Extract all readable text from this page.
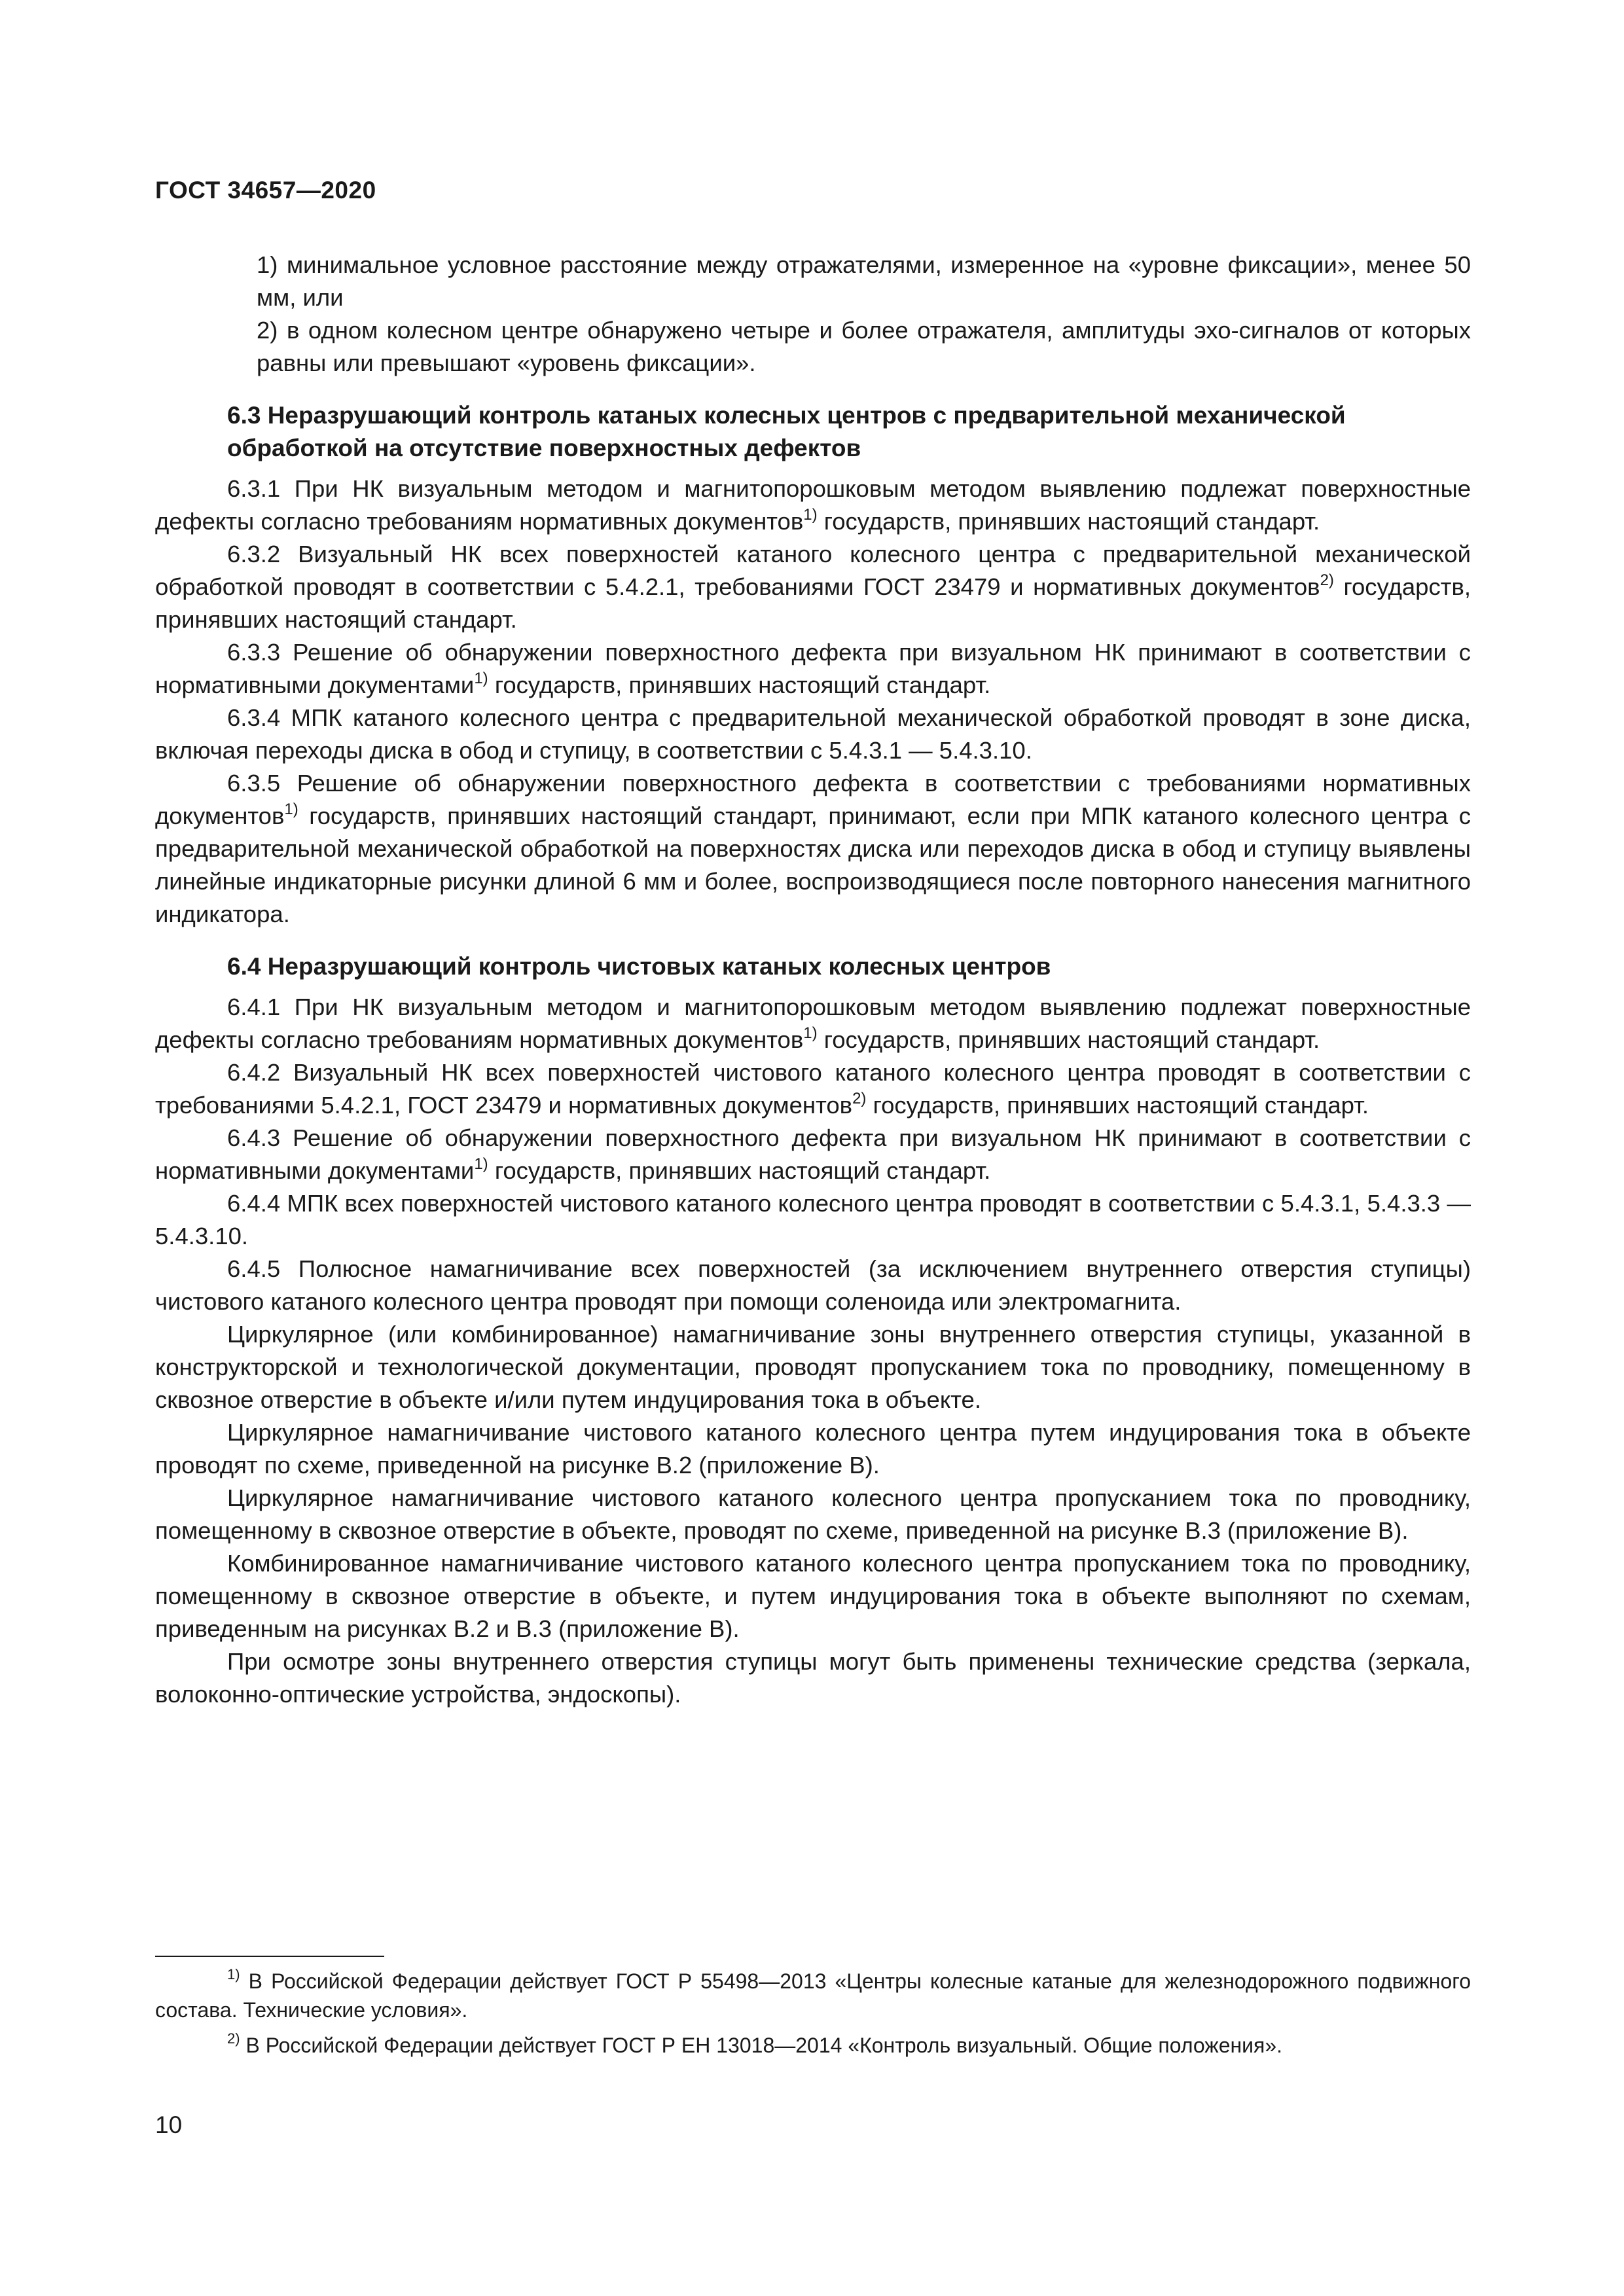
ГОСТ 34657—2020

1) минимальное условное расстояние между отражателями, измеренное на «уровне фиксации», менее 50 мм, или

2) в одном колесном центре обнаружено четыре и более отражателя, амплитуды эхо-сигналов от которых равны или превышают «уровень фиксации».

6.3 Неразрушающий контроль катаных колесных центров с предварительной механической обработкой на отсутствие поверхностных дефектов

6.3.1 При НК визуальным методом и магнитопорошковым методом выявлению подлежат поверхностные дефекты согласно требованиям нормативных документов$^{1)}$ государств, принявших настоящий стандарт.

6.3.2 Визуальный НК всех поверхностей катаного колесного центра с предварительной механической обработкой проводят в соответствии с 5.4.2.1, требованиями ГОСТ 23479 и нормативных документов$^{2)}$ государств, принявших настоящий стандарт.

6.3.3 Решение об обнаружении поверхностного дефекта при визуальном НК принимают в соответствии с нормативными документами$^{1)}$ государств, принявших настоящий стандарт.

6.3.4 МПК катаного колесного центра с предварительной механической обработкой проводят в зоне диска, включая переходы диска в обод и ступицу, в соответствии с 5.4.3.1 — 5.4.3.10.

6.3.5 Решение об обнаружении поверхностного дефекта в соответствии с требованиями нормативных документов$^{1)}$ государств, принявших настоящий стандарт, принимают, если при МПК катаного колесного центра с предварительной механической обработкой на поверхностях диска или переходов диска в обод и ступицу выявлены линейные индикаторные рисунки длиной 6 мм и более, воспроизводящиеся после повторного нанесения магнитного индикатора.

6.4 Неразрушающий контроль чистовых катаных колесных центров

6.4.1 При НК визуальным методом и магнитопорошковым методом выявлению подлежат поверхностные дефекты согласно требованиям нормативных документов$^{1)}$ государств, принявших настоящий стандарт.

6.4.2 Визуальный НК всех поверхностей чистового катаного колесного центра проводят в соответствии с требованиями 5.4.2.1, ГОСТ 23479 и нормативных документов$^{2)}$ государств, принявших настоящий стандарт.

6.4.3 Решение об обнаружении поверхностного дефекта при визуальном НК принимают в соответствии с нормативными документами$^{1)}$ государств, принявших настоящий стандарт.

6.4.4 МПК всех поверхностей чистового катаного колесного центра проводят в соответствии с 5.4.3.1, 5.4.3.3 — 5.4.3.10.

6.4.5 Полюсное намагничивание всех поверхностей (за исключением внутреннего отверстия ступицы) чистового катаного колесного центра проводят при помощи соленоида или электромагнита.

Циркулярное (или комбинированное) намагничивание зоны внутреннего отверстия ступицы, указанной в конструкторской и технологической документации, проводят пропусканием тока по проводнику, помещенному в сквозное отверстие в объекте и/или путем индуцирования тока в объекте.

Циркулярное намагничивание чистового катаного колесного центра путем индуцирования тока в объекте проводят по схеме, приведенной на рисунке В.2 (приложение В).

Циркулярное намагничивание чистового катаного колесного центра пропусканием тока по проводнику, помещенному в сквозное отверстие в объекте, проводят по схеме, приведенной на рисунке В.3 (приложение В).

Комбинированное намагничивание чистового катаного колесного центра пропусканием тока по проводнику, помещенному в сквозное отверстие в объекте, и путем индуцирования тока в объекте выполняют по схемам, приведенным на рисунках В.2 и В.3 (приложение В).

При осмотре зоны внутреннего отверстия ступицы могут быть применены технические средства (зеркала, волоконно-оптические устройства, эндоскопы).

$^{1)}$ В Российской Федерации действует ГОСТ Р 55498—2013 «Центры колесные катаные для железнодорожного подвижного состава. Технические условия».

$^{2)}$ В Российской Федерации действует ГОСТ Р ЕН 13018—2014 «Контроль визуальный. Общие положения».

10
